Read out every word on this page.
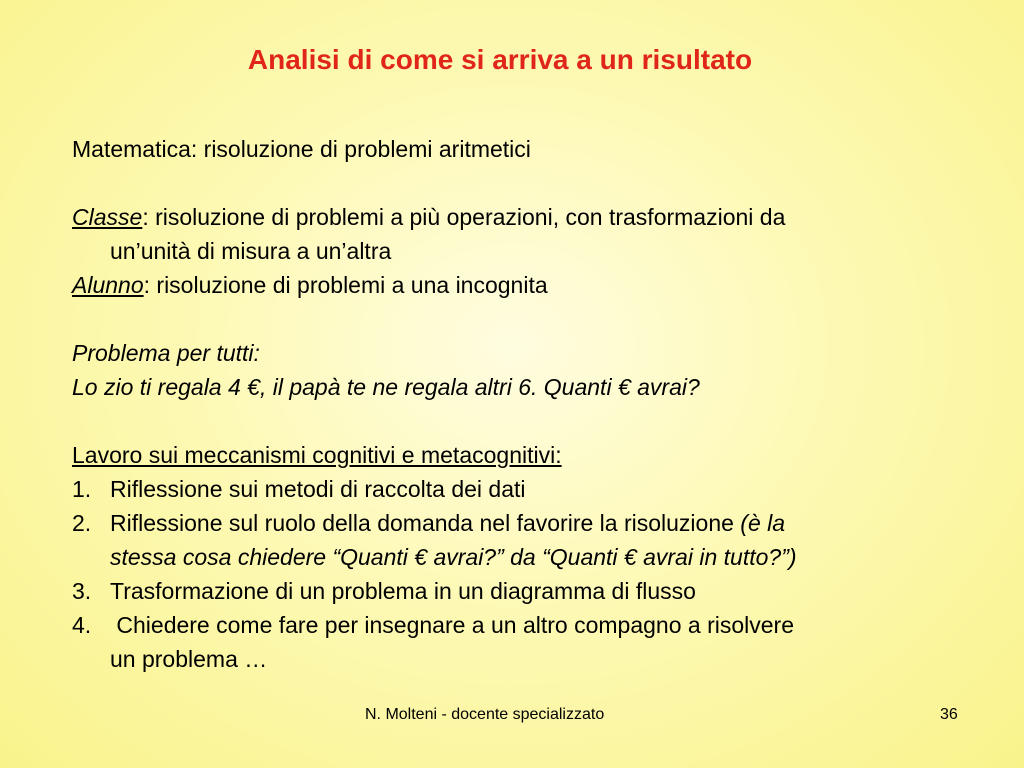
Analisi di come si arriva a un risultato
Matematica: risoluzione di problemi aritmetici
Classe: risoluzione di problemi a più operazioni, con trasformazioni da
un’unità di misura a un’altra
Alunno: risoluzione di problemi a una incognita
Problema per tutti:
Lo zio ti regala 4 €, il papà te ne regala altri 6. Quanti € avrai?
Lavoro sui meccanismi cognitivi e metacognitivi:
1. Riflessione sui metodi di raccolta dei dati
2. Riflessione sul ruolo della domanda nel favorire la risoluzione (è la
stessa cosa chiedere “Quanti € avrai?” da “Quanti € avrai in tutto?”)
3. Trasformazione di un problema in un diagramma di flusso
4. Chiedere come fare per insegnare a un altro compagno a risolvere
un problema …
N. Molteni - docente specializzato	36
